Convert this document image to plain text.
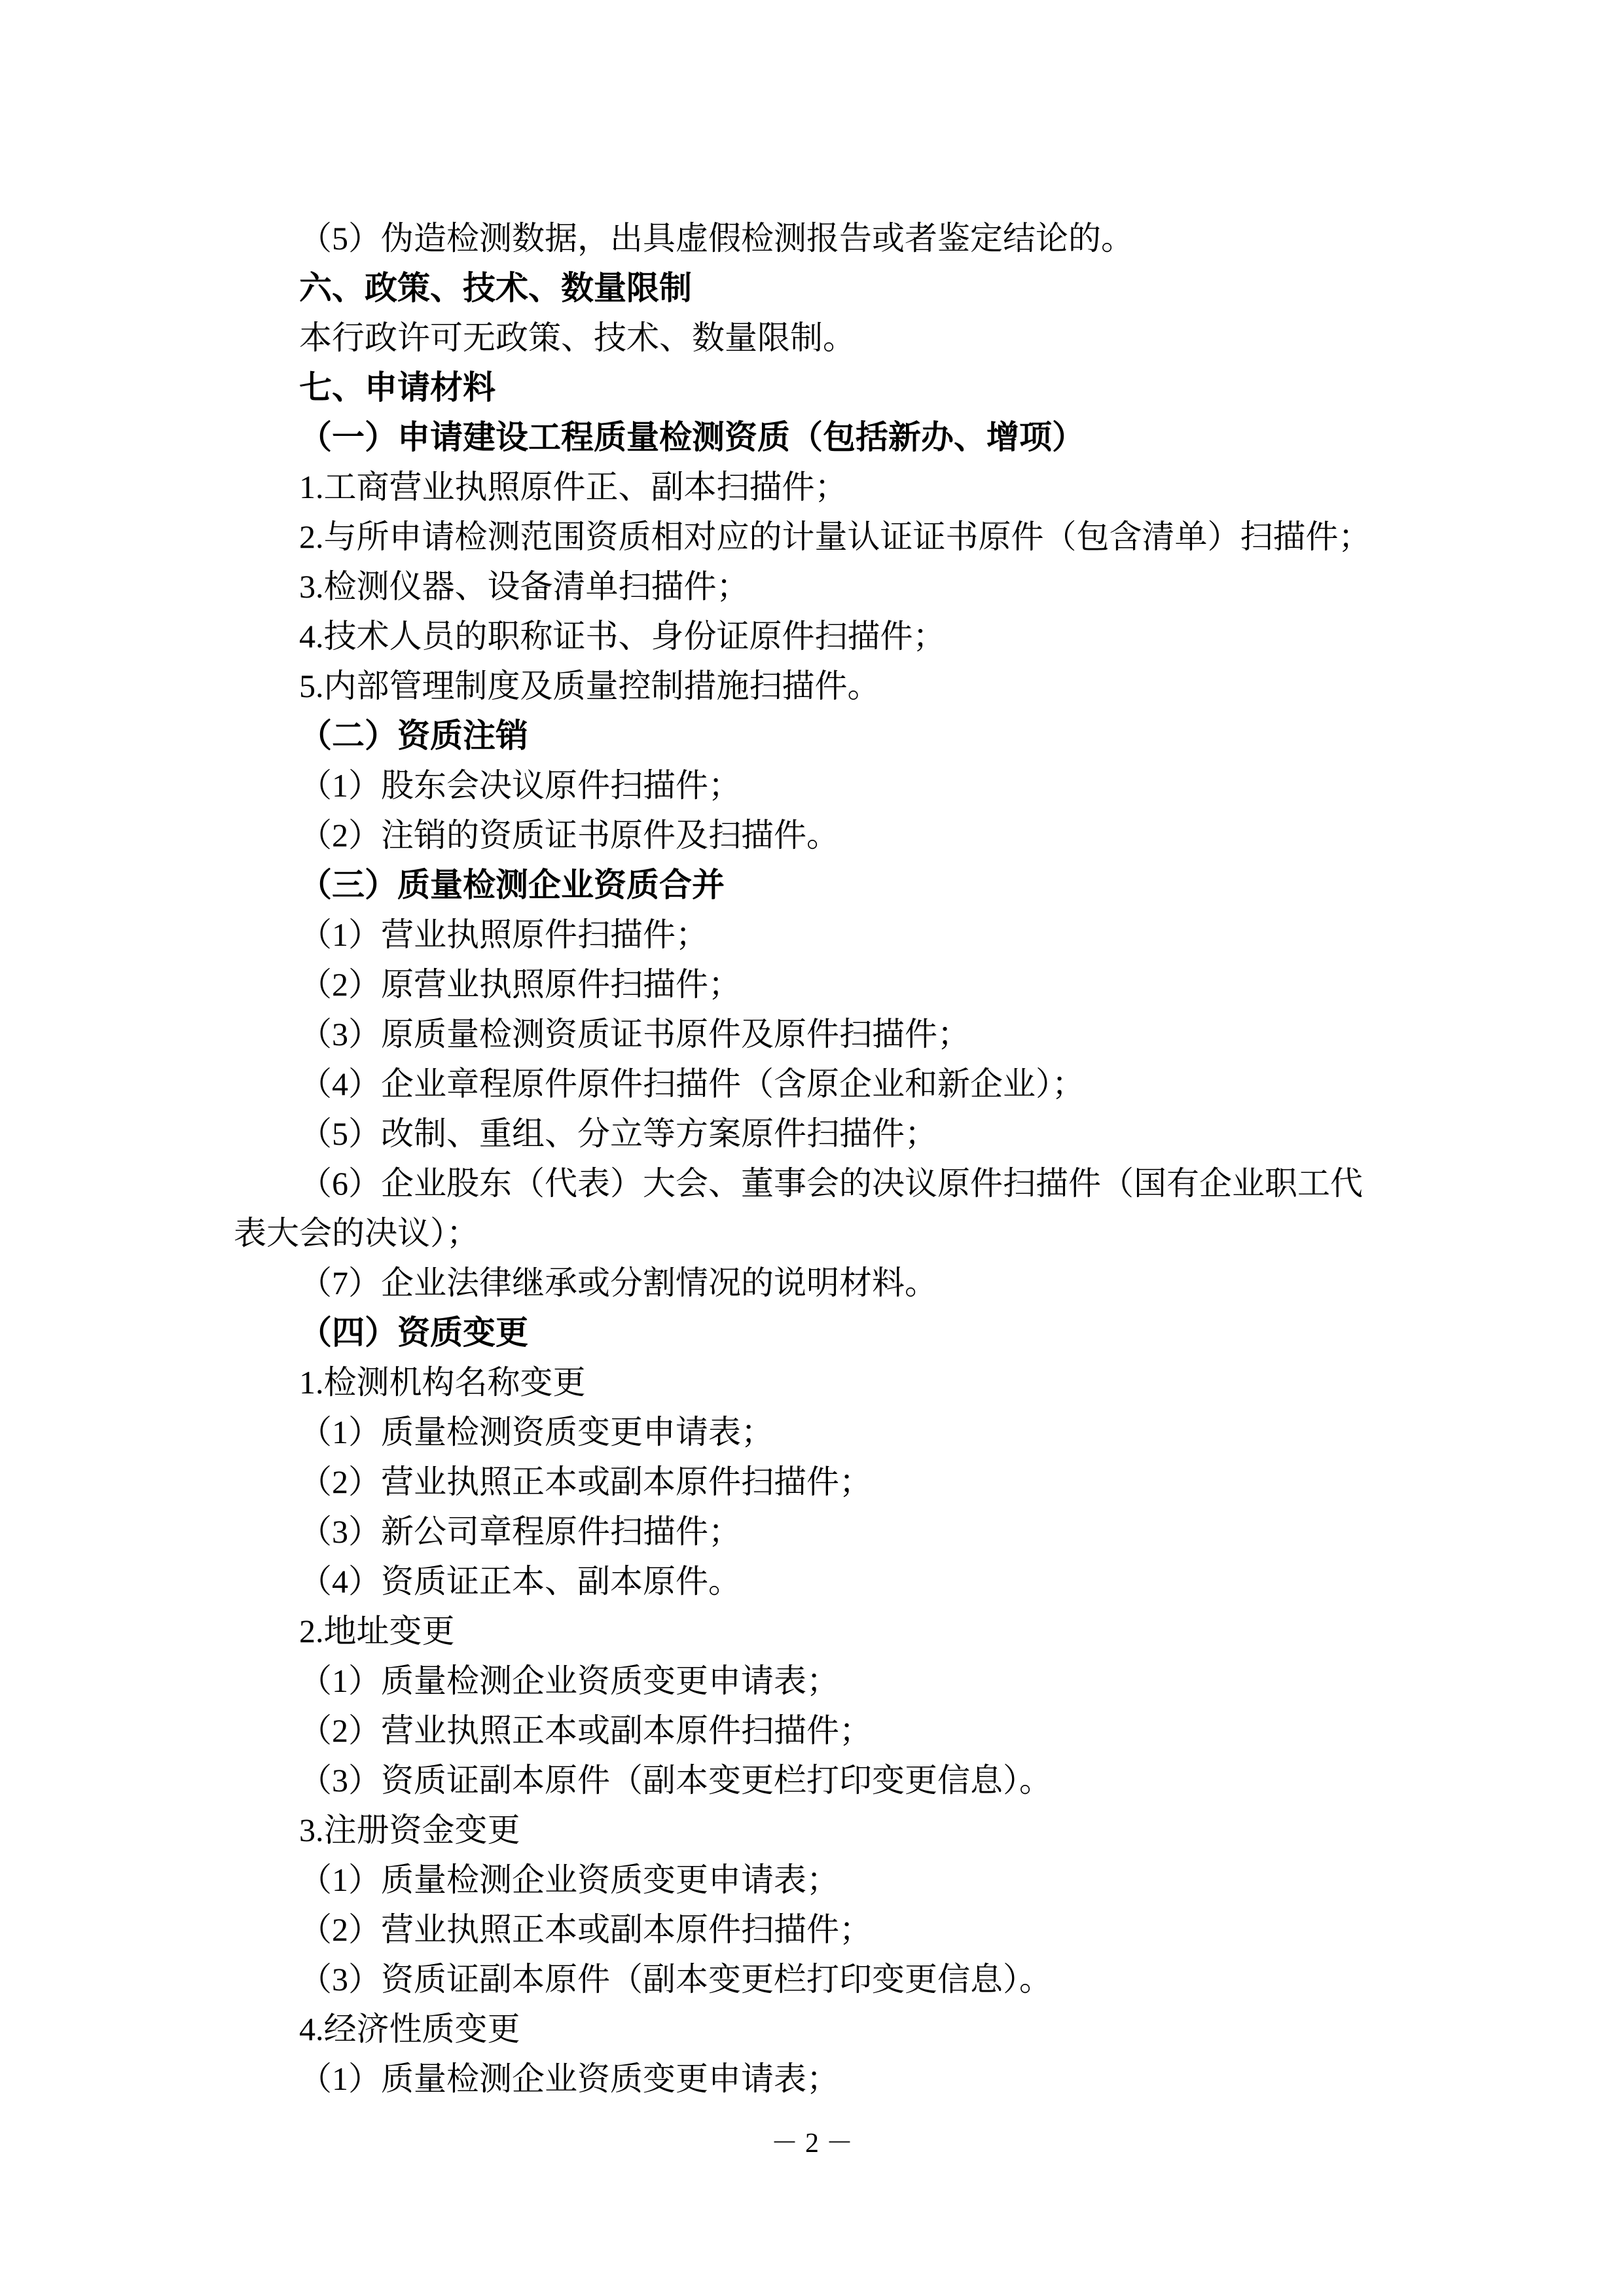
（5）伪造检测数据，出具虚假检测报告或者鉴定结论的。

六、政策、技术、数量限制

本行政许可无政策、技术、数量限制。

七、申请材料

（一）申请建设工程质量检测资质（包括新办、增项）

1.工商营业执照原件正、副本扫描件；

2.与所申请检测范围资质相对应的计量认证证书原件（包含清单）扫描件；

3.检测仪器、设备清单扫描件；

4.技术人员的职称证书、身份证原件扫描件；

5.内部管理制度及质量控制措施扫描件。

（二）资质注销

（1）股东会决议原件扫描件；

（2）注销的资质证书原件及扫描件。

（三）质量检测企业资质合并

（1）营业执照原件扫描件；

（2）原营业执照原件扫描件；

（3）原质量检测资质证书原件及原件扫描件；

（4）企业章程原件原件扫描件（含原企业和新企业）；

（5）改制、重组、分立等方案原件扫描件；

（6）企业股东（代表）大会、董事会的决议原件扫描件（国有企业职工代

表大会的决议）；

（7）企业法律继承或分割情况的说明材料。

（四）资质变更

1.检测机构名称变更

（1）质量检测资质变更申请表；

（2）营业执照正本或副本原件扫描件；

（3）新公司章程原件扫描件；

（4）资质证正本、副本原件。

2.地址变更

（1）质量检测企业资质变更申请表；

（2）营业执照正本或副本原件扫描件；

（3）资质证副本原件（副本变更栏打印变更信息）。

3.注册资金变更

（1）质量检测企业资质变更申请表；

（2）营业执照正本或副本原件扫描件；

（3）资质证副本原件（副本变更栏打印变更信息）。

4.经济性质变更

（1）质量检测企业资质变更申请表；

－ 2 －
